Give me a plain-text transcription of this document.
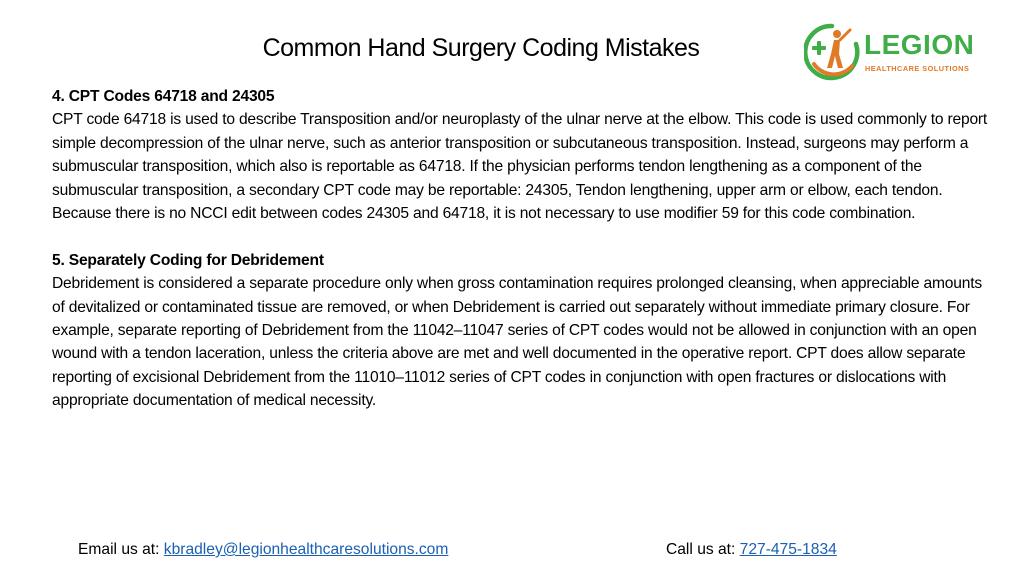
Common Hand Surgery Coding Mistakes	LEGION
HEALTHCARE SOLUTIONS
4. CPT Codes 64718 and 24305

CPT code 64718 is used to describe Transposition and/or neuroplasty of the ulnar nerve at the elbow. This code is used commonly to report simple decompression of the ulnar nerve, such as anterior transposition or subcutaneous transposition. Instead, surgeons may perform a submuscular transposition, which also is reportable as 64718. If the physician performs tendon lengthening as a component of the submuscular transposition, a secondary CPT code may be reportable: 24305, Tendon lengthening, upper arm or elbow, each tendon. Because there is no NCCI edit between codes 24305 and 64718, it is not necessary to use modifier 59 for this code combination.

5. Separately Coding for Debridement

Debridement is considered a separate procedure only when gross contamination requires prolonged cleansing, when appreciable amounts of devitalized or contaminated tissue are removed, or when Debridement is carried out separately without immediate primary closure. For example, separate reporting of Debridement from the 11042–11047 series of CPT codes would not be allowed in conjunction with an open wound with a tendon laceration, unless the criteria above are met and well documented in the operative report. CPT does allow separate reporting of excisional Debridement from the 11010–11012 series of CPT codes in conjunction with open fractures or dislocations with appropriate documentation of medical necessity.

Email us at: kbradley@legionhealthcaresolutions.com	Call us at: 727-475-1834
